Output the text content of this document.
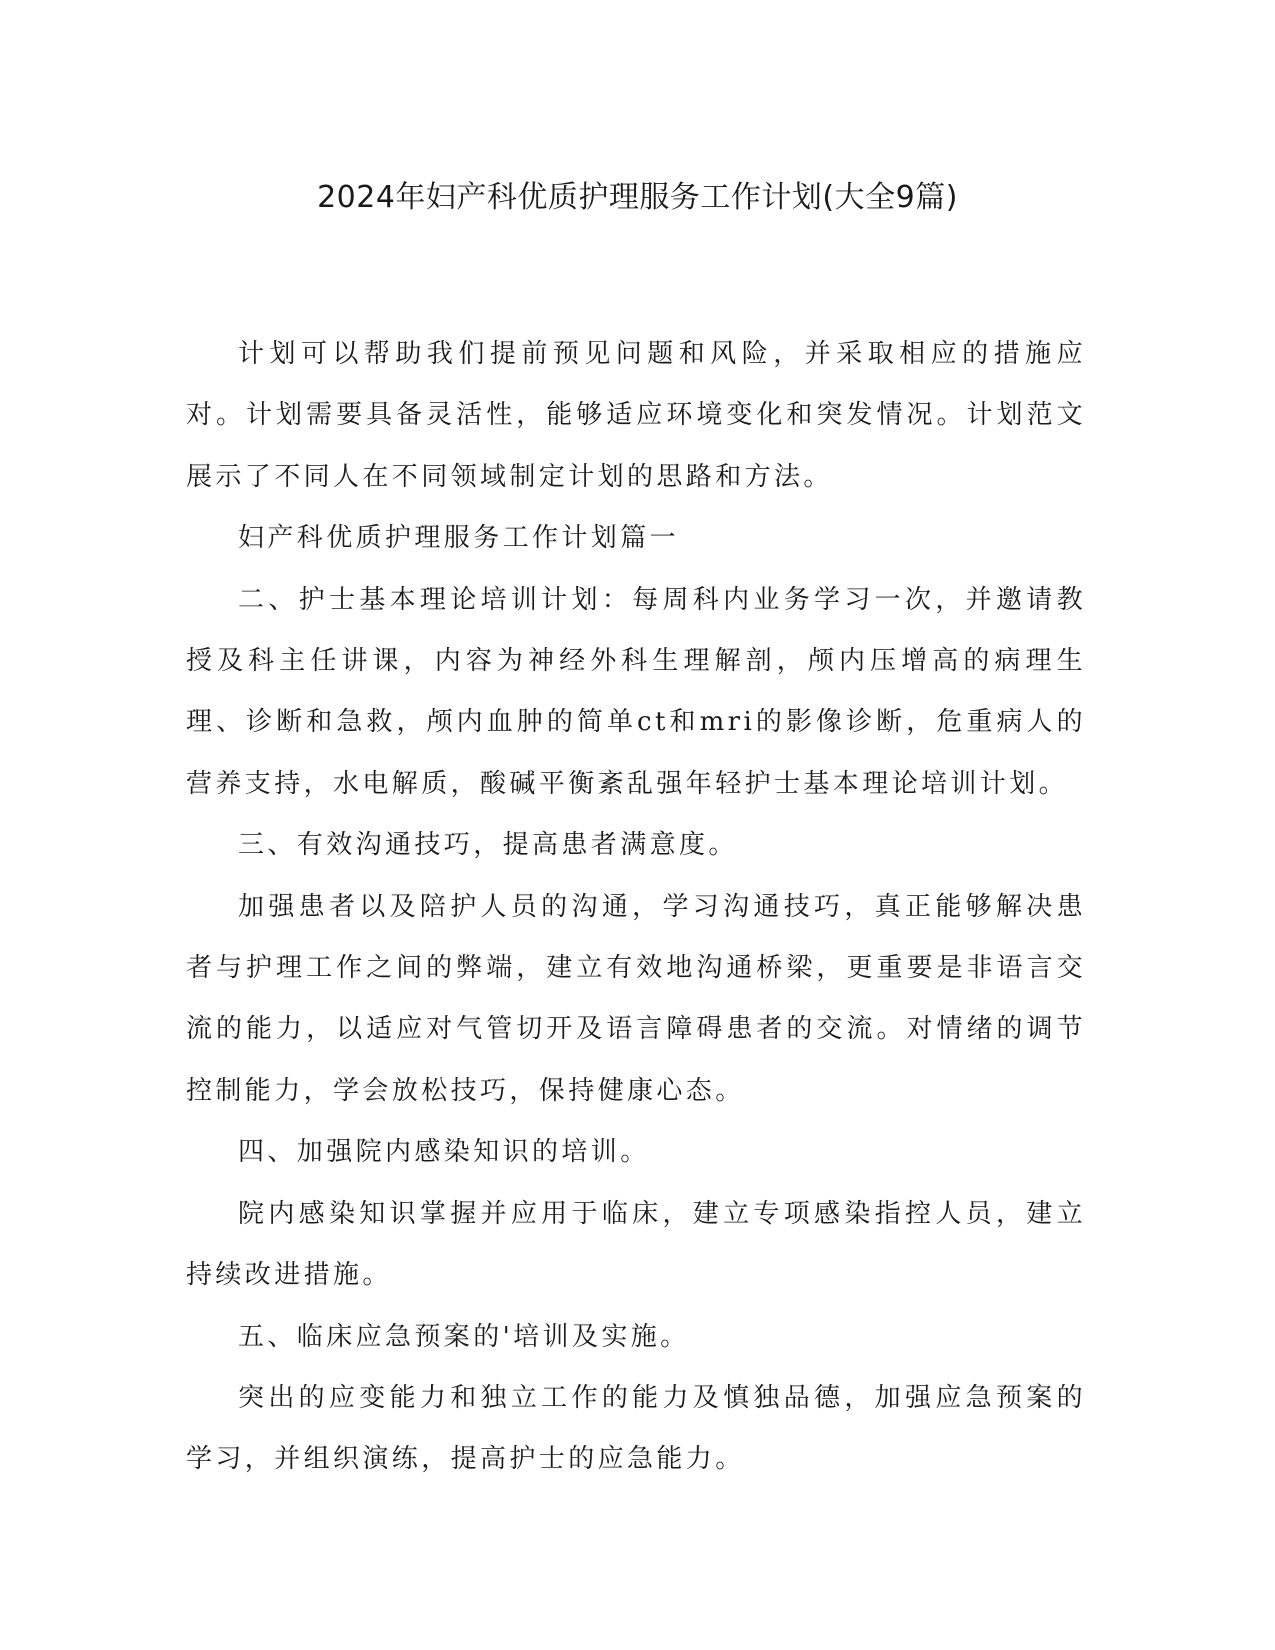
2024年妇产科优质护理服务工作计划(大全9篇)

计划可以帮助我们提前预见问题和风险，并采取相应的措施应对。计划需要具备灵活性，能够适应环境变化和突发情况。计划范文展示了不同人在不同领域制定计划的思路和方法。

妇产科优质护理服务工作计划篇一

二、护士基本理论培训计划：每周科内业务学习一次，并邀请教授及科主任讲课，内容为神经外科生理解剖，颅内压增高的病理生理、诊断和急救，颅内血肿的简单ct和mri的影像诊断，危重病人的营养支持，水电解质，酸碱平衡紊乱强年轻护士基本理论培训计划。

三、有效沟通技巧，提高患者满意度。

加强患者以及陪护人员的沟通，学习沟通技巧，真正能够解决患者与护理工作之间的弊端，建立有效地沟通桥梁，更重要是非语言交流的能力，以适应对气管切开及语言障碍患者的交流。对情绪的调节控制能力，学会放松技巧，保持健康心态。

四、加强院内感染知识的培训。

院内感染知识掌握并应用于临床，建立专项感染指控人员，建立持续改进措施。

五、临床应急预案的'培训及实施。

突出的应变能力和独立工作的能力及慎独品德，加强应急预案的学习，并组织演练，提高护士的应急能力。
